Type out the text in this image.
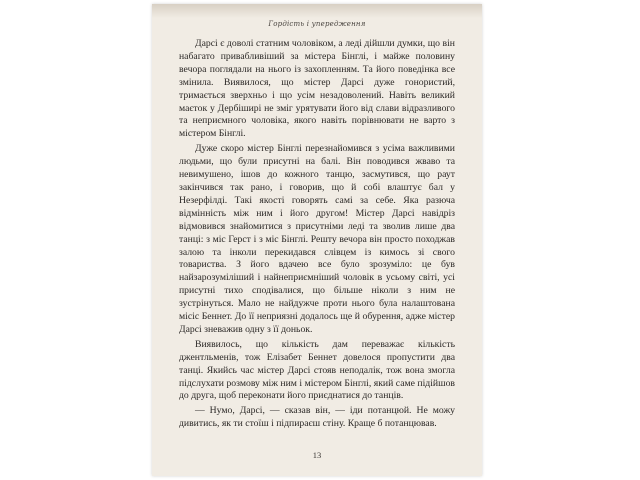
Гордість і упередження

Дарсі є доволі статним чоловіком, а леді дійшли думки, що він набагато привабливіший за містера Бінглі, і майже половину вечора поглядали на нього із захопленням. Та його поведінка все змінила. Виявилося, що містер Дарсі дуже гонористий, тримається зверхньо і що усім незадоволений. Навіть великий маєток у Дербіширі не зміг урятувати його від слави відразливого та неприємного чоловіка, якого навіть порівнювати не варто з містером Бінглі.

Дуже скоро містер Бінглі перезнайомився з усіма важливими людьми, що були присутні на балі. Він поводився жваво та невимушено, ішов до кожного танцю, засмутився, що раут закінчився так рано, і говорив, що й собі влаштує бал у Незерфілді. Такі якості говорять самі за себе. Яка разюча відмінність між ним і його другом! Містер Дарсі навідріз відмовився знайомитися з присутніми леді та зволив лише два танці: з міс Герст і з міс Бінглі. Решту вечора він просто походжав залою та інколи перекидався слівцем із кимось зі свого товариства. З його вдачею все було зрозуміло: це був найзарозуміліший і найнеприємніший чоловік в усьому світі, усі присутні тихо сподівалися, що більше ніколи з ним не зустрінуться. Мало не найдужче проти нього була налаштована місіс Беннет. До її неприязні додалось ще й обурення, адже містер Дарсі зневажив одну з її доньок.

Виявилось, що кількість дам переважає кількість джентльменів, тож Елізабет Беннет довелося пропустити два танці. Якийсь час містер Дарсі стояв неподалік, тож вона змогла підслухати розмову між ним і містером Бінглі, який саме підійшов до друга, щоб переконати його приєднатися до танців.

— Нумо, Дарсі, — сказав він, — іди потанцюй. Не можу дивитись, як ти стоїш і підпираєш стіну. Краще б потанцював.

13
